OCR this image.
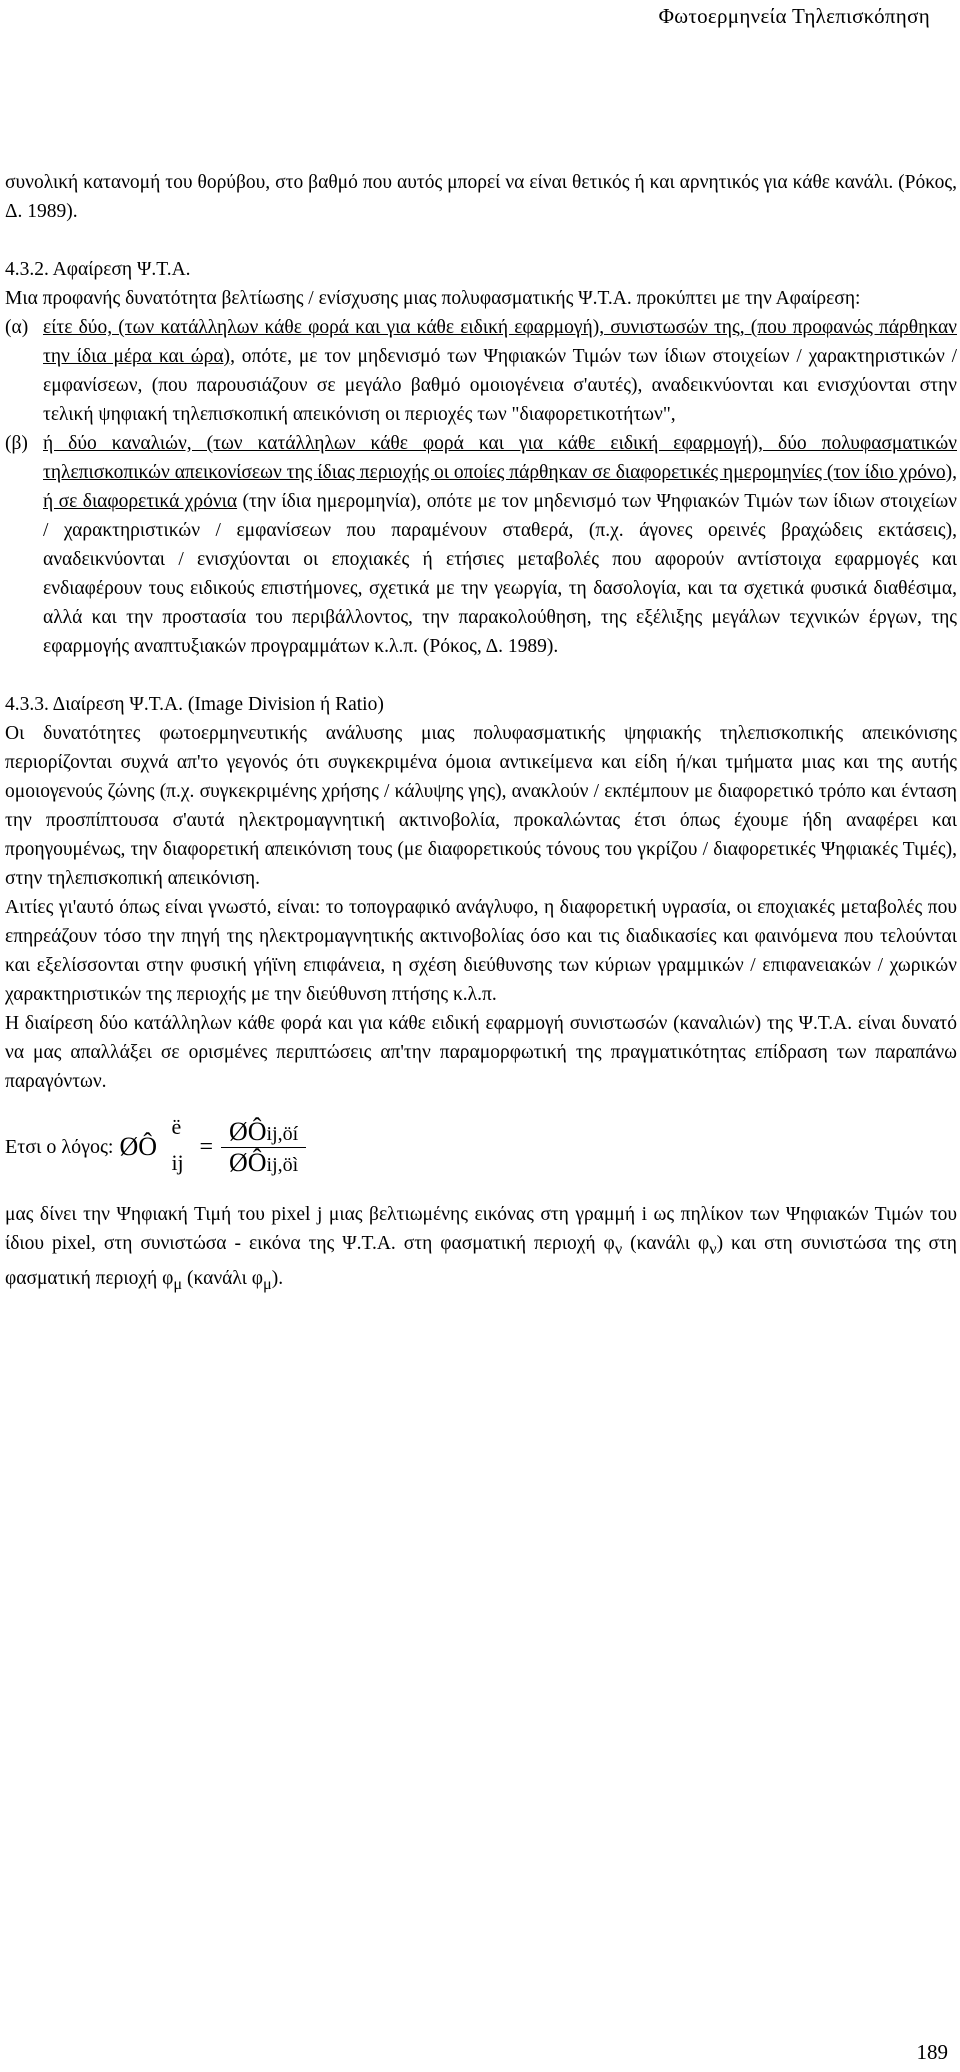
Φωτοερμηνεία Τηλεπισκόπηση

συνολική κατανομή του θορύβου, στο βαθμό που αυτός μπορεί να είναι θετικός ή και αρνητικός για κάθε κανάλι. (Ρόκος, Δ. 1989).

4.3.2. Αφαίρεση Ψ.Τ.Α.

Μια προφανής δυνατότητα βελτίωσης / ενίσχυσης μιας πολυφασματικής Ψ.Τ.Α. προκύπτει με την Αφαίρεση:

(α) είτε δύο, (των κατάλληλων κάθε φορά και για κάθε ειδική εφαρμογή), συνιστωσών της, (που προφανώς πάρθηκαν την ίδια μέρα και ώρα), οπότε, με τον μηδενισμό των Ψηφιακών Τιμών των ίδιων στοιχείων / χαρακτηριστικών / εμφανίσεων, (που παρουσιάζουν σε μεγάλο βαθμό ομοιογένεια σ'αυτές), αναδεικνύονται και ενισχύονται στην τελική ψηφιακή τηλεπισκοπική απεικόνιση οι περιοχές των "διαφορετικοτήτων",
(β) ή δύο καναλιών, (των κατάλληλων κάθε φορά και για κάθε ειδική εφαρμογή), δύο πολυφασματικών τηλεπισκοπικών απεικονίσεων της ίδιας περιοχής οι οποίες πάρθηκαν σε διαφορετικές ημερομηνίες (τον ίδιο χρόνο), ή σε διαφορετικά χρόνια (την ίδια ημερομηνία), οπότε με τον μηδενισμό των Ψηφιακών Τιμών των ίδιων στοιχείων / χαρακτηριστικών / εμφανίσεων που παραμένουν σταθερά, (π.χ. άγονες ορεινές βραχώδεις εκτάσεις), αναδεικνύονται / ενισχύονται οι εποχιακές ή ετήσιες μεταβολές που αφορούν αντίστοιχα εφαρμογές και ενδιαφέρουν τους ειδικούς επιστήμονες, σχετικά με την γεωργία, τη δασολογία, και τα σχετικά φυσικά διαθέσιμα, αλλά και την προστασία του περιβάλλοντος, την παρακολούθηση, της εξέλιξης μεγάλων τεχνικών έργων, της εφαρμογής αναπτυξιακών προγραμμάτων κ.λ.π. (Ρόκος, Δ. 1989).

4.3.3. Διαίρεση Ψ.Τ.Α. (Image Division ή Ratio)

Οι δυνατότητες φωτοερμηνευτικής ανάλυσης μιας πολυφασματικής ψηφιακής τηλεπισκοπικής απεικόνισης περιορίζονται συχνά απ'το γεγονός ότι συγκεκριμένα όμοια αντικείμενα και είδη ή/και τμήματα μιας και της αυτής ομοιογενούς ζώνης (π.χ. συγκεκριμένης χρήσης / κάλυψης γης), ανακλούν / εκπέμπουν με διαφορετικό τρόπο και ένταση την προσπίπτουσα σ'αυτά ηλεκτρομαγνητική ακτινοβολία, προκαλώντας έτσι όπως έχουμε ήδη αναφέρει και προηγουμένως, την διαφορετική απεικόνιση τους (με διαφορετικούς τόνους του γκρίζου / διαφορετικές Ψηφιακές Τιμές), στην τηλεπισκοπική απεικόνιση.

Αιτίες γι'αυτό όπως είναι γνωστό, είναι: το τοπογραφικό ανάγλυφο, η διαφορετική υγρασία, οι εποχιακές μεταβολές που επηρεάζουν τόσο την πηγή της ηλεκτρομαγνητικής ακτινοβολίας όσο και τις διαδικασίες και φαινόμενα που τελούνται και εξελίσσονται στην φυσική γήϊνη επιφάνεια, η σχέση διεύθυνσης των κύριων γραμμικών / επιφανειακών / χωρικών χαρακτηριστικών της περιοχής με την διεύθυνση πτήσης κ.λ.π.

Η διαίρεση δύο κατάλληλων κάθε φορά και για κάθε ειδική εφαρμογή συνιστωσών (καναλιών) της Ψ.Τ.Α. είναι δυνατό να μας απαλλάξει σε ορισμένες περιπτώσεις απ'την παραμορφωτική της πραγματικότητας επίδραση των παραπάνω παραγόντων.

Ετσι ο λόγος: ØÔ
ë
ij
= $\frac{\text{ØÔij,öí}}{\text{ØÔij,öì}}$

μας δίνει την Ψηφιακή Τιμή του pixel j μιας βελτιωμένης εικόνας στη γραμμή i ως πηλίκον των Ψηφιακών Τιμών του ίδιου pixel, στη συνιστώσα - εικόνα της Ψ.Τ.Α. στη φασματική περιοχή $\varphi_\nu$ (κανάλι $\varphi_\nu$) και στη συνιστώσα της στη φασματική περιοχή $\varphi_\mu$ (κανάλι $\varphi_\mu$).

189
